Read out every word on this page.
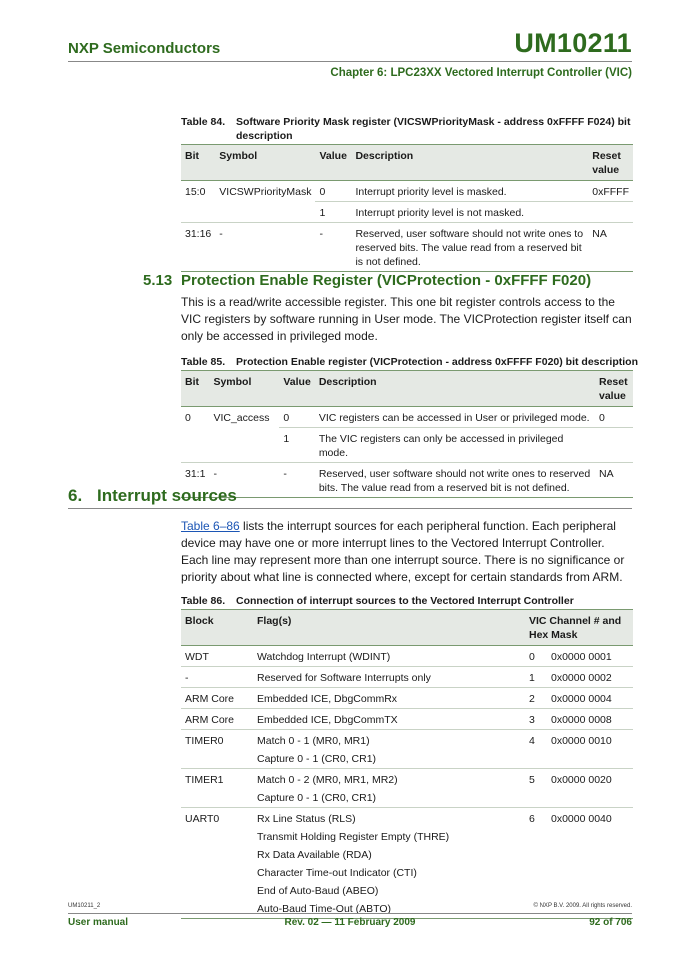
NXP Semiconductors	UM10211
Chapter 6: LPC23XX Vectored Interrupt Controller (VIC)
Table 84. Software Priority Mask register (VICSWPriorityMask - address 0xFFFF F024) bit description
Bit	Symbol	Value	Description	Reset value
15:0	VICSWPriorityMask	0	Interrupt priority level is masked.	0xFFFF
		1	Interrupt priority level is not masked.	
31:16	-	-	Reserved, user software should not write ones to reserved bits. The value read from a reserved bit is not defined.	NA
5.13 Protection Enable Register (VICProtection - 0xFFFF F020)
This is a read/write accessible register. This one bit register controls access to the VIC registers by software running in User mode. The VICProtection register itself can only be accessed in privileged mode.
Table 85. Protection Enable register (VICProtection - address 0xFFFF F020) bit description
Bit	Symbol	Value	Description	Reset value
0	VIC_access	0	VIC registers can be accessed in User or privileged mode.	0
		1	The VIC registers can only be accessed in privileged mode.	
31:1	-	-	Reserved, user software should not write ones to reserved bits. The value read from a reserved bit is not defined.	NA
6. Interrupt sources
Table 6–86 lists the interrupt sources for each peripheral function. Each peripheral device may have one or more interrupt lines to the Vectored Interrupt Controller. Each line may represent more than one interrupt source. There is no significance or priority about what line is connected where, except for certain standards from ARM.
Table 86. Connection of interrupt sources to the Vectored Interrupt Controller
Block	Flag(s)	VIC Channel # and Hex Mask	
WDT	Watchdog Interrupt (WDINT)	0	0x0000 0001
-	Reserved for Software Interrupts only	1	0x0000 0002
ARM Core	Embedded ICE, DbgCommRx	2	0x0000 0004
ARM Core	Embedded ICE, DbgCommTX	3	0x0000 0008
TIMER0	Match 0 - 1 (MR0, MR1)	4	0x0000 0010
	Capture 0 - 1 (CR0, CR1)		
TIMER1	Match 0 - 2 (MR0, MR1, MR2)	5	0x0000 0020
	Capture 0 - 1 (CR0, CR1)		
UART0	Rx Line Status (RLS)	6	0x0000 0040
	Transmit Holding Register Empty (THRE)		
	Rx Data Available (RDA)		
	Character Time-out Indicator (CTI)		
	End of Auto-Baud (ABEO)		
	Auto-Baud Time-Out (ABTO)		
UM10211_2	© NXP B.V. 2009. All rights reserved.
User manual	Rev. 02 — 11 February 2009	92 of 706
